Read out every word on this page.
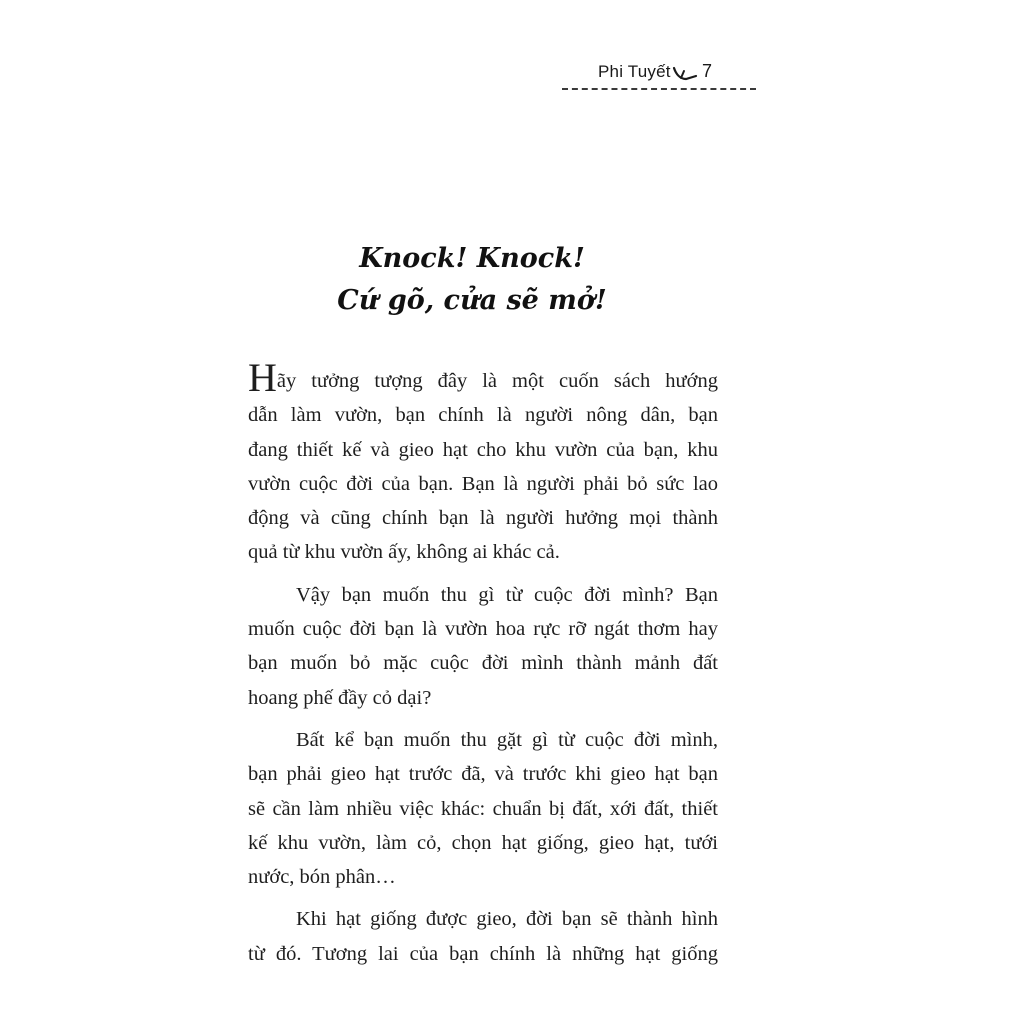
Phi Tuyết 7
Knock! Knock!
Cứ gõ, cửa sẽ mở!
Hãy tưởng tượng đây là một cuốn sách hướng
dẫn làm vườn, bạn chính là người nông dân, bạn
đang thiết kế và gieo hạt cho khu vườn của bạn, khu
vườn cuộc đời của bạn. Bạn là người phải bỏ sức lao
động và cũng chính bạn là người hưởng mọi thành
quả từ khu vườn ấy, không ai khác cả.
Vậy bạn muốn thu gì từ cuộc đời mình? Bạn
muốn cuộc đời bạn là vườn hoa rực rỡ ngát thơm hay
bạn muốn bỏ mặc cuộc đời mình thành mảnh đất
hoang phế đầy cỏ dại?
Bất kể bạn muốn thu gặt gì từ cuộc đời mình,
bạn phải gieo hạt trước đã, và trước khi gieo hạt bạn
sẽ cần làm nhiều việc khác: chuẩn bị đất, xới đất, thiết
kế khu vườn, làm cỏ, chọn hạt giống, gieo hạt, tưới
nước, bón phân…
Khi hạt giống được gieo, đời bạn sẽ thành hình
từ đó. Tương lai của bạn chính là những hạt giống
